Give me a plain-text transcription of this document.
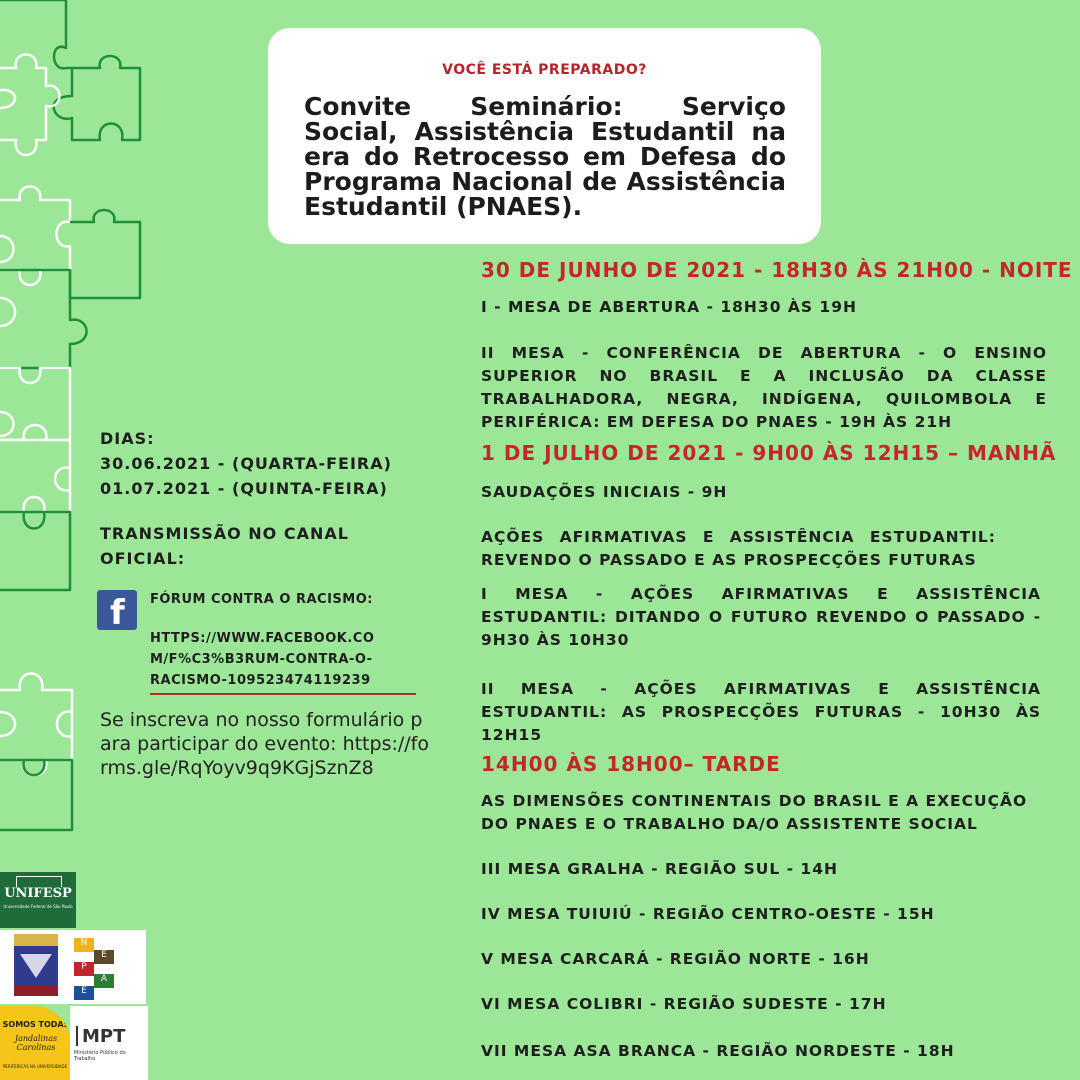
VOCÊ ESTÁ PREPARADO?
Convite Seminário: Serviço Social, Assistência Estudantil na era do Retrocesso em Defesa do Programa Nacional de Assistência Estudantil (PNAES).
DIAS:
30.06.2021 - (QUARTA-FEIRA)
01.07.2021 - (QUINTA-FEIRA)
TRANSMISSÃO NO CANAL OFICIAL:
f FÓRUM CONTRA O RACISMO:
HTTPS://WWW.FACEBOOK.COM/F%C3%B3RUM-CONTRA-O-RACISMO-109523474119239
Se inscreva no nosso formulário para participar do evento: https://forms.gle/RqYoyv9q9KGjSznZ8
30 DE JUNHO DE 2021 - 18H30 ÀS 21H00 - NOITE
I - MESA DE ABERTURA - 18H30 ÀS 19H
II MESA - CONFERÊNCIA DE ABERTURA - O ENSINO SUPERIOR NO BRASIL E A INCLUSÃO DA CLASSE TRABALHADORA, NEGRA, INDÍGENA, QUILOMBOLA E PERIFÉRICA: EM DEFESA DO PNAES - 19H ÀS 21H
1 DE JULHO DE 2021 - 9H00 ÀS 12H15 – MANHÃ
SAUDAÇÕES INICIAIS - 9H
AÇÕES AFIRMATIVAS E ASSISTÊNCIA ESTUDANTIL: REVENDO O PASSADO E AS PROSPECÇÕES FUTURAS
I MESA - AÇÕES AFIRMATIVAS E ASSISTÊNCIA ESTUDANTIL: DITANDO O FUTURO REVENDO O PASSADO - 9H30 ÀS 10H30
II MESA - AÇÕES AFIRMATIVAS E ASSISTÊNCIA ESTUDANTIL: AS PROSPECÇÕES FUTURAS - 10H30 ÀS 12H15
14H00 ÀS 18H00– TARDE
AS DIMENSÕES CONTINENTAIS DO BRASIL E A EXECUÇÃO DO PNAES E O TRABALHO DA/O ASSISTENTE SOCIAL
III MESA GRALHA - REGIÃO SUL - 14H
IV MESA TUIUIÚ - REGIÃO CENTRO-OESTE - 15H
V MESA CARCARÁ - REGIÃO NORTE - 16H
VI MESA COLIBRI - REGIÃO SUDESTE - 17H
VII MESA ASA BRANCA - REGIÃO NORDESTE - 18H
UNIFESP
Universidade Federal de São Paulo
N
E
P
A
E
SOMOS TODAS
Jandalinas Carolinas
PERIFÉRICAS NA UNIVERSIDADE
MPT
Ministério Público do Trabalho
